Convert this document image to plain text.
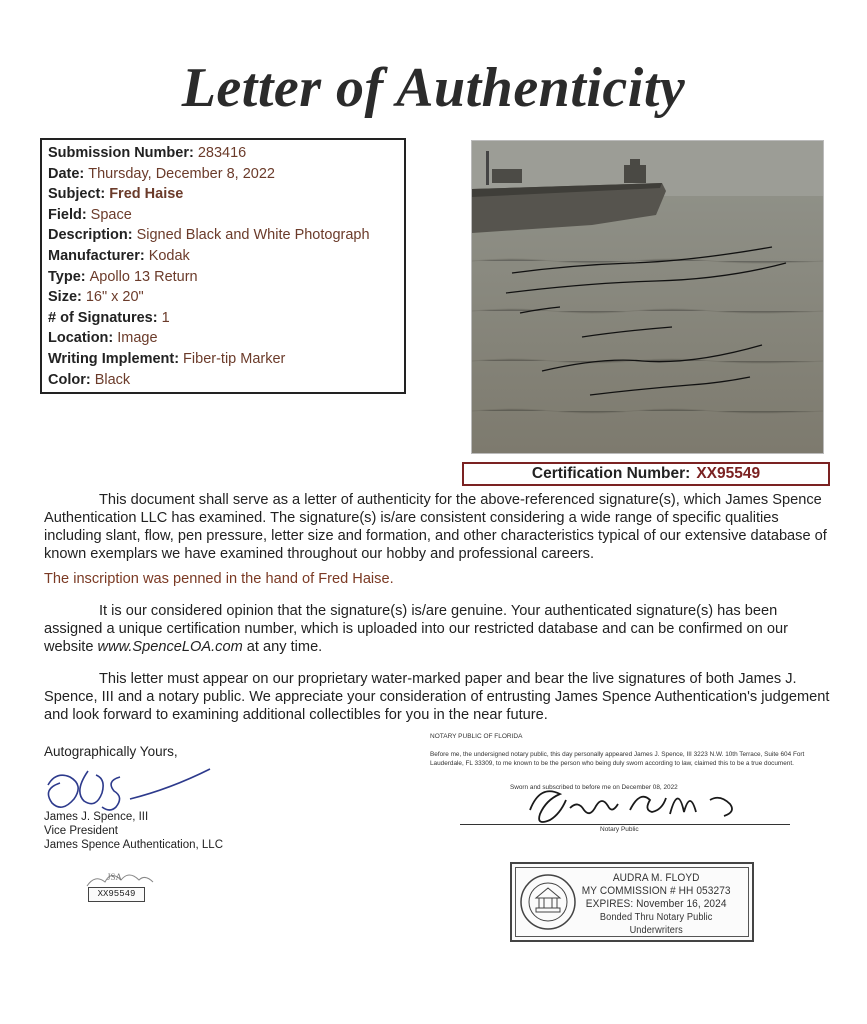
Letter of Authenticity
Submission Number: 283416
Date: Thursday, December 8, 2022
Subject: Fred Haise
Field: Space
Description: Signed Black and White Photograph
Manufacturer: Kodak
Type: Apollo 13 Return
Size: 16" x 20"
# of Signatures: 1
Location: Image
Writing Implement: Fiber-tip Marker
Color: Black
Certification Number: XX95549
This document shall serve as a letter of authenticity for the above-referenced signature(s), which James Spence Authentication LLC has examined. The signature(s) is/are consistent considering a wide range of specific qualities including slant, flow, pen pressure, letter size and formation, and other characteristics typical of our extensive database of known exemplars we have examined throughout our hobby and professional careers.
The inscription was penned in the hand of Fred Haise.
It is our considered opinion that the signature(s) is/are genuine. Your authenticated signature(s) has been assigned a unique certification number, which is uploaded into our restricted database and can be confirmed on our website www.SpenceLOA.com at any time.
This letter must appear on our proprietary water-marked paper and bear the live signatures of both James J. Spence, III and a notary public. We appreciate your consideration of entrusting James Spence Authentication's judgement and look forward to examining additional collectibles for you in the near future.
Autographically Yours,
James J. Spence, III
Vice President
James Spence Authentication, LLC
JSA
XX95549
NOTARY PUBLIC OF FLORIDA
Before me, the undersigned notary public, this day personally appeared James J. Spence, III 3223 N.W. 10th Terrace, Suite 604 Fort Lauderdale, FL 33309, to me known to be the person who being duly sworn according to law, claimed this to be a true document.
Sworn and subscribed to before me on December 08, 2022
Notary Public
AUDRA M. FLOYD
MY COMMISSION # HH 053273
EXPIRES: November 16, 2024
Bonded Thru Notary Public Underwriters
